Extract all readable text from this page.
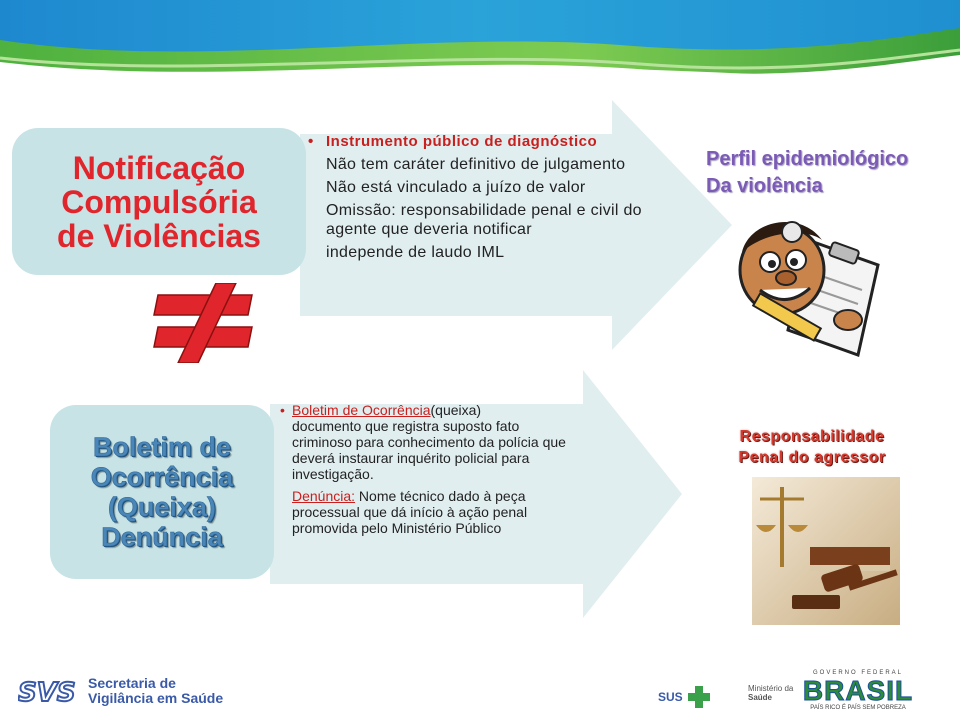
Notificação
Compulsória
de Violências
• Instrumento público de diagnóstico
Não tem caráter definitivo de julgamento
Não está vinculado a juízo de valor
Omissão: responsabilidade penal e civil do agente que deveria notificar
independe de laudo IML
Boletim de
Ocorrência
(Queixa)
Denúncia
• Boletim de Ocorrência(queixa)
documento que registra suposto fato criminoso para conhecimento da polícia que deverá instaurar inquérito policial para investigação.
Denúncia: Nome técnico dado à peça processual que dá início à ação penal promovida pelo Ministério Público
Perfil epidemiológico
Da violência
Responsabilidade
Penal do agressor
SVS Secretaria de
Vigilância em Saúde	SUS
Ministério da
Saúde
GOVERNO FEDERAL
BRASIL
PAÍS RICO É PAÍS SEM POBREZA
